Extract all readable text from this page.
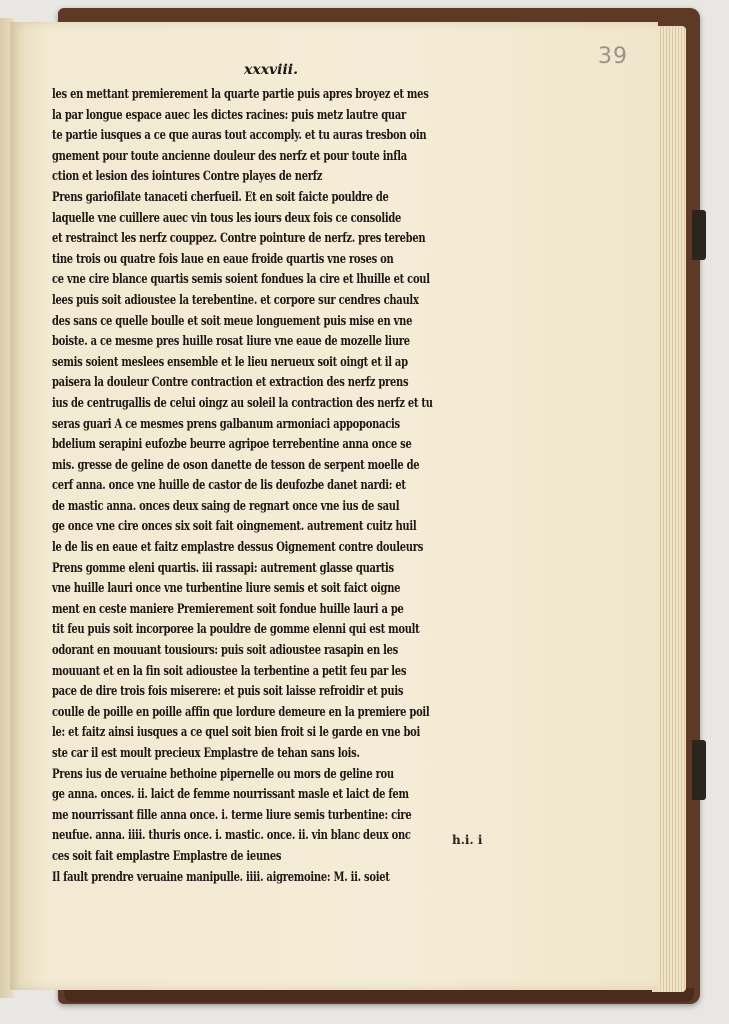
39
xxxviii.
les en mettant premierement la quarte partie puis apres broyez et mes
la par longue espace auec les dictes racines: puis metz lautre quar
te partie iusques a ce que auras tout accomply. et tu auras tresbon oin
gnement pour toute ancienne douleur des nerfz et pour toute infla
ction et lesion des iointures Contre playes de nerfz
Prens gariofilate tanaceti cherfueil. Et en soit faicte pouldre de
laquelle vne cuillere auec vin tous les iours deux fois ce consolide
et restrainct les nerfz couppez. Contre pointure de nerfz. pres tereben
tine trois ou quatre fois laue en eaue froide quartis vne roses on
ce vne cire blance quartis semis soient fondues la cire et lhuille et coul
lees puis soit adioustee la terebentine. et corpore sur cendres chaulx
des sans ce quelle boulle et soit meue longuement puis mise en vne
boiste. a ce mesme pres huille rosat liure vne eaue de mozelle liure
semis soient meslees ensemble et le lieu nerueux soit oingt et il ap
paisera la douleur Contre contraction et extraction des nerfz prens
ius de centrugallis de celui oingz au soleil la contraction des nerfz et tu
seras guari A ce mesmes prens galbanum armoniaci appoponacis
bdelium serapini eufozbe beurre agripoe terrebentine anna once se
mis. gresse de geline de oson danette de tesson de serpent moelle de
cerf anna. once vne huille de castor de lis deufozbe danet nardi: et
de mastic anna. onces deux saing de regnart once vne ius de saul
ge once vne cire onces six soit fait oingnement. autrement cuitz huil
le de lis en eaue et faitz emplastre dessus Oignement contre douleurs
Prens gomme eleni quartis. iii rassapi: autrement glasse quartis
vne huille lauri once vne turbentine liure semis et soit faict oigne
ment en ceste maniere Premierement soit fondue huille lauri a pe
tit feu puis soit incorporee la pouldre de gomme elenni qui est moult
odorant en mouuant tousiours: puis soit adioustee rasapin en les
mouuant et en la fin soit adioustee la terbentine a petit feu par les
pace de dire trois fois miserere: et puis soit laisse refroidir et puis
coulle de poille en poille affin que lordure demeure en la premiere poil
le: et faitz ainsi iusques a ce quel soit bien froit si le garde en vne boi
ste car il est moult precieux Emplastre de tehan sans lois.
Prens ius de veruaine bethoine pipernelle ou mors de geline rou
ge anna. onces. ii. laict de femme nourrissant masle et laict de fem
me nourrissant fille anna once. i. terme liure semis turbentine: cire
neufue. anna. iiii. thuris once. i. mastic. once. ii. vin blanc deux onc
ces soit fait emplastre Emplastre de ieunes
Il fault prendre veruaine manipulle. iiii. aigremoine: M. ii. soiet
h.i. i
